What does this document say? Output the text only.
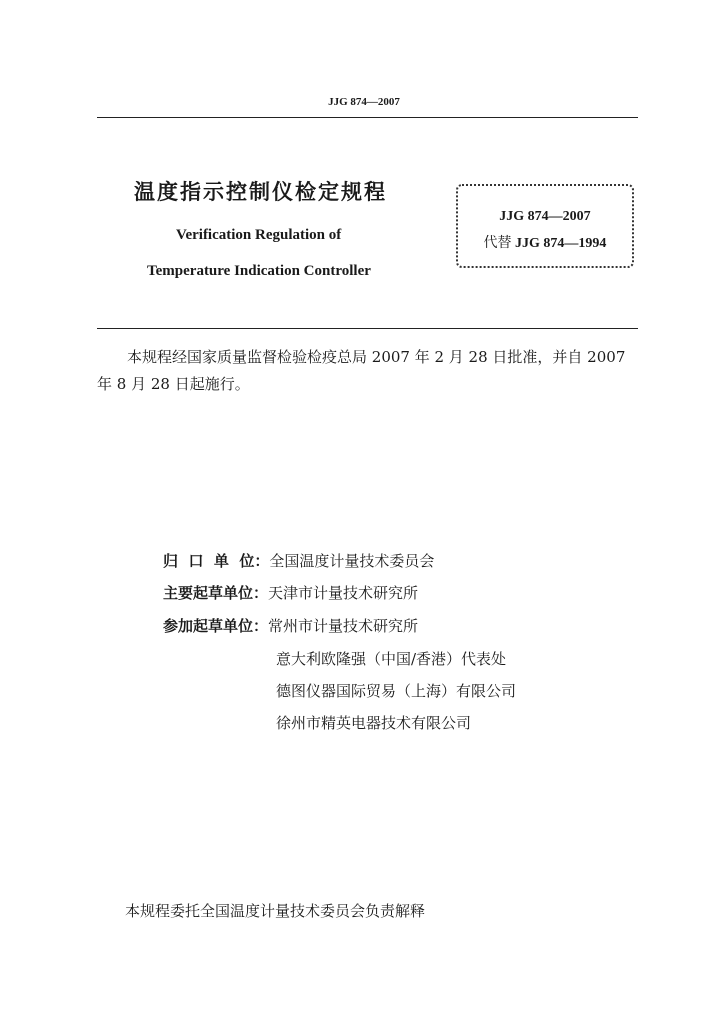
JJG 874—2007
温度指示控制仪检定规程
Verification Regulation of
Temperature Indication Controller
JJG 874—2007
代替 JJG 874—1994
本规程经国家质量监督检验检疫总局 2007 年 2 月 28 日批准，并自 2007 年 8 月 28 日起施行。
归  口  单  位：全国温度计量技术委员会
主要起草单位：天津市计量技术研究所
参加起草单位：常州市计量技术研究所
意大利欧隆强（中国/香港）代表处
德图仪器国际贸易（上海）有限公司
徐州市精英电器技术有限公司
本规程委托全国温度计量技术委员会负责解释
